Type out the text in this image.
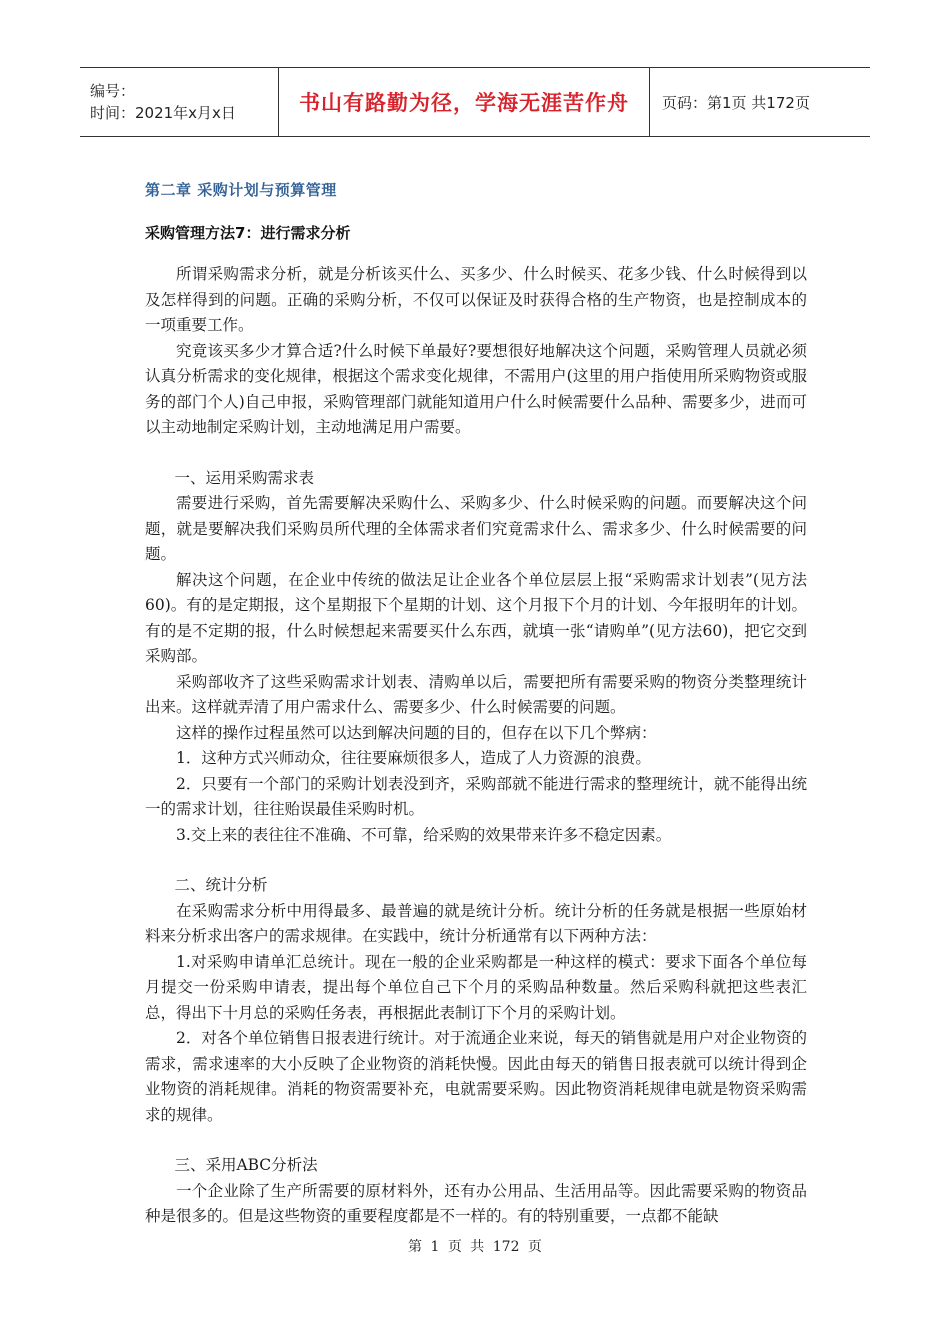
编号：
时间：2021年x月x日	书山有路勤为径，学海无涯苦作舟	页码：第1页 共172页
第二章 采购计划与预算管理
采购管理方法7：进行需求分析

所谓采购需求分析，就是分析该买什么、买多少、什么时候买、花多少钱、什么时候得到以及怎样得到的问题。正确的采购分析，不仅可以保证及时获得合格的生产物资，也是控制成本的一项重要工作。

究竟该买多少才算合适?什么时候下单最好?要想很好地解决这个问题，采购管理人员就必须认真分析需求的变化规律，根据这个需求变化规律，不需用户(这里的用户指使用所采购物资或服务的部门个人)自己申报，采购管理部门就能知道用户什么时候需要什么品种、需要多少，进而可以主动地制定采购计划，主动地满足用户需要。

一、运用采购需求表

需要进行采购，首先需要解决采购什么、采购多少、什么时候采购的问题。而要解决这个问题，就是要解决我们采购员所代理的全体需求者们究竟需求什么、需求多少、什么时候需要的问题。

解决这个问题，在企业中传统的做法足让企业各个单位层层上报“采购需求计划表”(见方法60)。有的是定期报，这个星期报下个星期的计划、这个月报下个月的计划、今年报明年的计划。有的是不定期的报，什么时候想起来需要买什么东西，就填一张“请购单”(见方法60)，把它交到采购部。

采购部收齐了这些采购需求计划表、清购单以后，需要把所有需要采购的物资分类整理统计出来。这样就弄清了用户需求什么、需要多少、什么时候需要的问题。

这样的操作过程虽然可以达到解决问题的目的，但存在以下几个弊病：

1．这种方式兴师动众，往往要麻烦很多人，造成了人力资源的浪费。

2．只要有一个部门的采购计划表没到齐，采购部就不能进行需求的整理统计，就不能得出统一的需求计划，往往贻误最佳采购时机。

3.交上来的表往往不准确、不可靠，给采购的效果带来许多不稳定因素。

二、统计分析

在采购需求分析中用得最多、最普遍的就是统计分析。统计分析的任务就是根据一些原始材料来分析求出客户的需求规律。在实践中，统计分析通常有以下两种方法：

1.对采购申请单汇总统计。现在一般的企业采购都是一种这样的模式：要求下面各个单位每月提交一份采购申请表，提出每个单位自己下个月的采购品种数量。然后采购科就把这些表汇总，得出下十月总的采购任务表，再根据此表制订下个月的采购计划。

2．对各个单位销售日报表进行统计。对于流通企业来说，每天的销售就是用户对企业物资的需求，需求速率的大小反映了企业物资的消耗快慢。因此由每天的销售日报表就可以统计得到企业物资的消耗规律。消耗的物资需要补充，电就需要采购。因此物资消耗规律电就是物资采购需求的规律。

三、采用ABC分析法

一个企业除了生产所需要的原材料外，还有办公用品、生活用品等。因此需要采购的物资品种是很多的。但是这些物资的重要程度都是不一样的。有的特别重要，一点都不能缺

第 1 页 共 172 页
